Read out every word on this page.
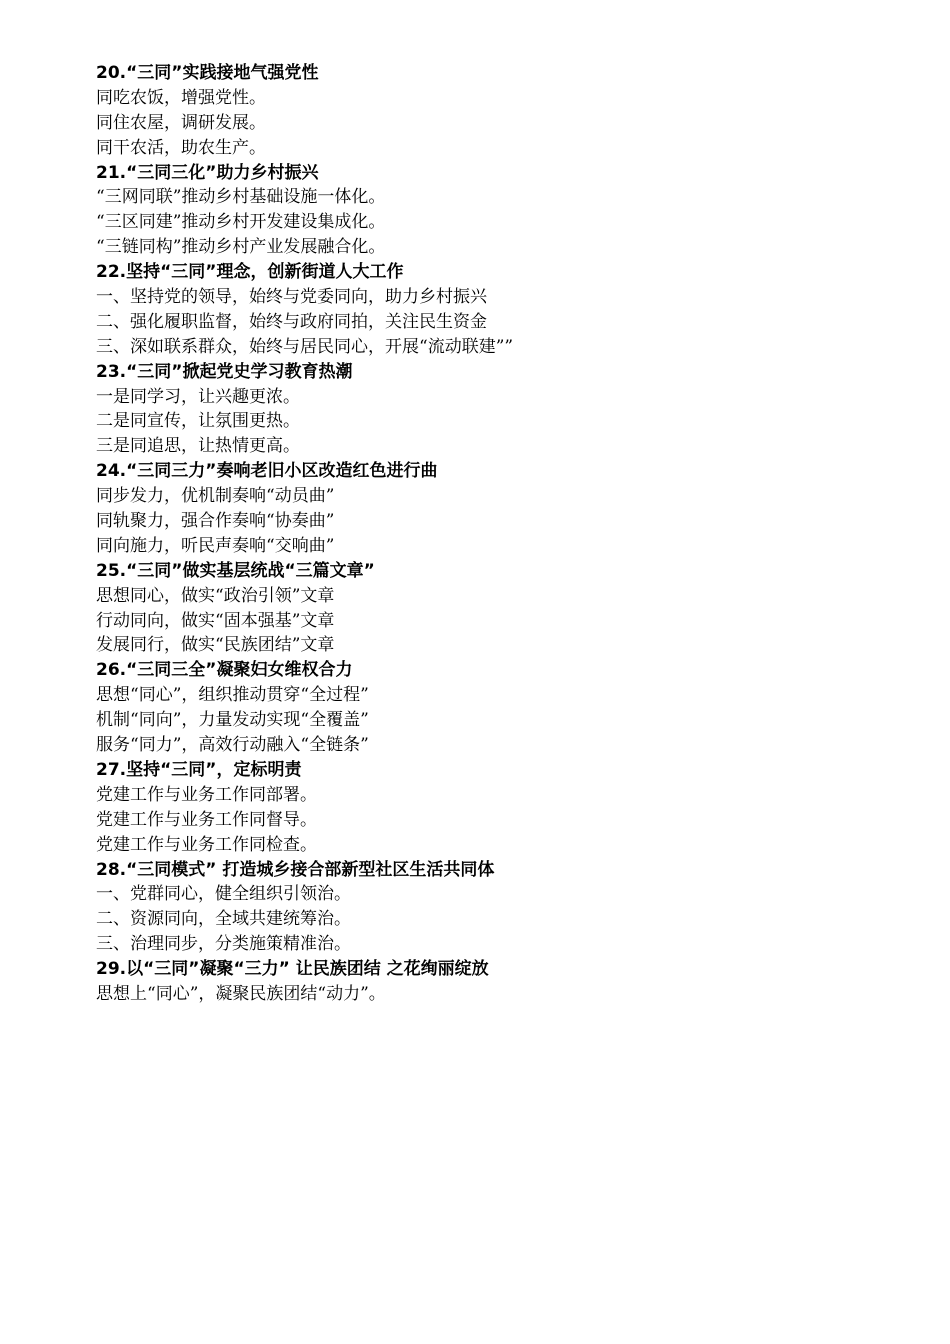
20.“三同”实践接地气强党性
同吃农饭，增强党性。
同住农屋，调研发展。
同干农活，助农生产。
21.“三同三化”助力乡村振兴
“三网同联”推动乡村基础设施一体化。
“三区同建”推动乡村开发建设集成化。
“三链同构”推动乡村产业发展融合化。
22.坚持“三同”理念，创新街道人大工作
一、坚持党的领导，始终与党委同向，助力乡村振兴
二、强化履职监督，始终与政府同拍，关注民生资金
三、深如联系群众，始终与居民同心，开展“流动联建””
23.“三同”掀起党史学习教育热潮
一是同学习，让兴趣更浓。
二是同宣传，让氛围更热。
三是同追思，让热情更高。
24.“三同三力”奏响老旧小区改造红色进行曲
同步发力，优机制奏响“动员曲”
同轨聚力，强合作奏响“协奏曲”
同向施力，听民声奏响“交响曲”
25.“三同”做实基层统战“三篇文章”
思想同心，做实“政治引领”文章
行动同向，做实“固本强基”文章
发展同行，做实“民族团结”文章
26.“三同三全”凝聚妇女维权合力
思想“同心”，组织推动贯穿“全过程”
机制“同向”，力量发动实现“全覆盖”
服务“同力”，高效行动融入“全链条”
27.坚持“三同”，定标明责
党建工作与业务工作同部署。
党建工作与业务工作同督导。
党建工作与业务工作同检查。
28.“三同模式” 打造城乡接合部新型社区生活共同体
一、党群同心，健全组织引领治。
二、资源同向，全域共建统筹治。
三、治理同步，分类施策精准治。
29.以“三同”凝聚“三力” 让民族团结 之花绚丽绽放
思想上“同心”，凝聚民族团结“动力”。
